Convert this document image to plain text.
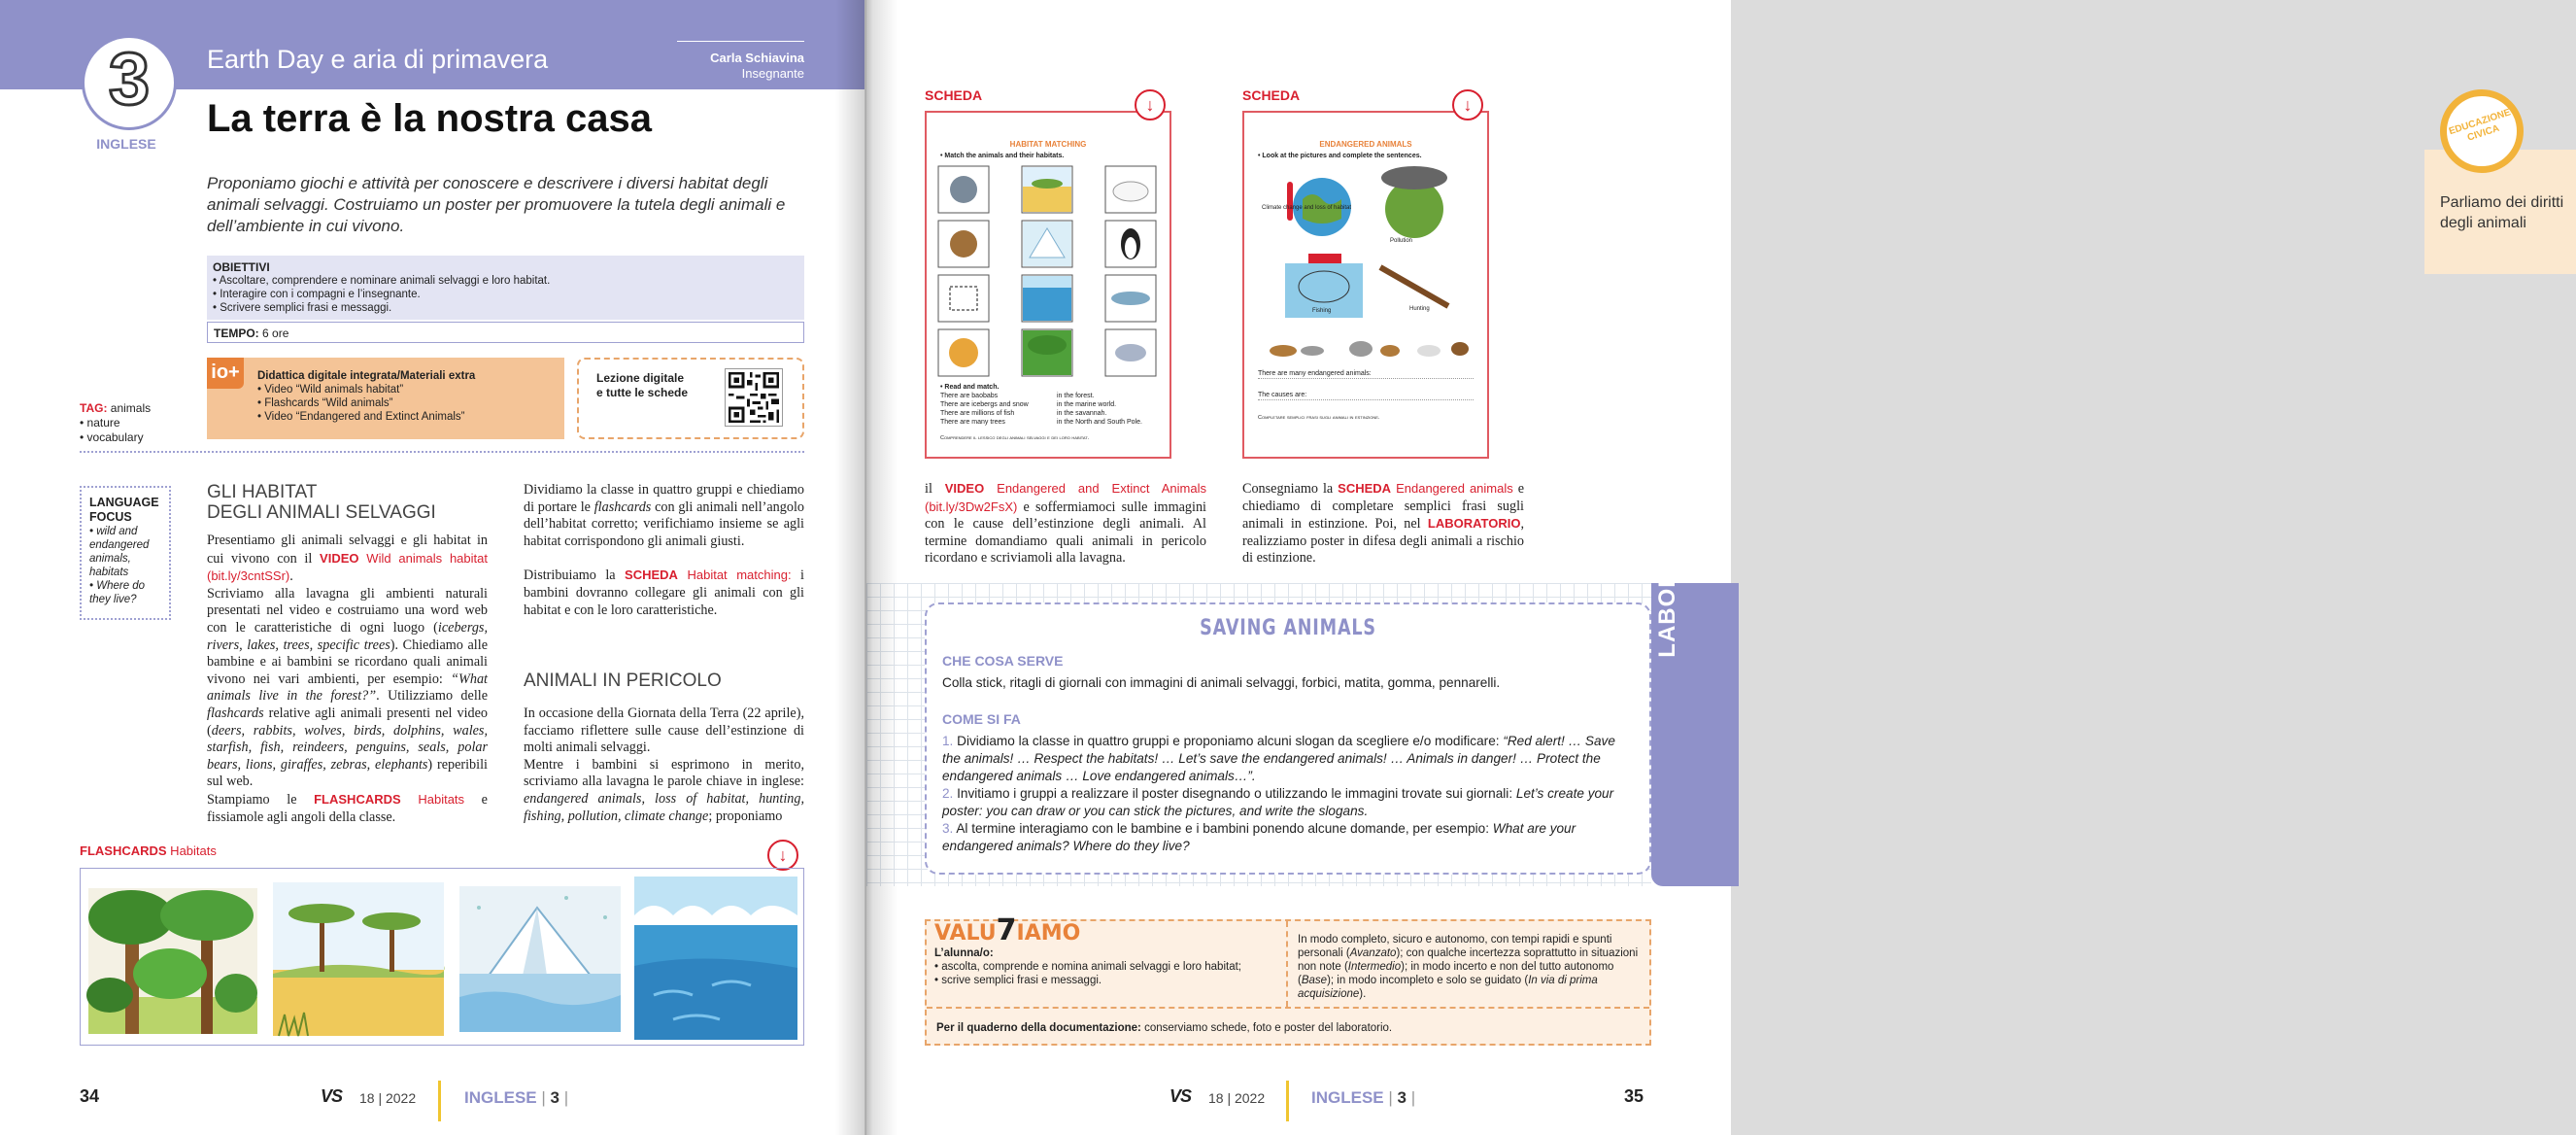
3
INGLESE
Earth Day e aria di primavera	Carla Schiavina
Insegnante
La terra è la nostra casa
Proponiamo giochi e attività per conoscere e descrivere i diversi habitat degli animali selvaggi. Costruiamo un poster per promuovere la tutela degli animali e dell’ambiente in cui vivono.
OBIETTIVI
• Ascoltare, comprendere e nominare animali selvaggi e loro habitat.
• Interagire con i compagni e l’insegnante.
• Scrivere semplici frasi e messaggi.
TEMPO: 6 ore
io+	Didattica digitale integrata/Materiali extra
• Video “Wild animals habitat”
• Flashcards “Wild animals”
• Video “Endangered and Extinct Animals”
Lezione digitale
e tutte le schede
TAG: animals
• nature
• vocabulary
LANGUAGE FOCUS
• wild and endangered animals, habitats
• Where do they live?
GLI HABITAT
DEGLI ANIMALI SELVAGGI
Presentiamo gli animali selvaggi e gli habitat in cui vivono con il VIDEO Wild animals habitat (bit.ly/3cntSSr).
Scriviamo alla lavagna gli ambienti naturali presentati nel video e costruiamo una word web con le caratteristiche di ogni luogo (icebergs, rivers, lakes, trees, specific trees). Chiediamo alle bambine e ai bambini se ricordano quali animali vivono nei vari ambienti, per esempio: “What animals live in the forest?”. Utilizziamo delle flashcards relative agli animali presenti nel video (deers, rabbits, wolves, birds, dolphins, wales, starfish, fish, reindeers, penguins, seals, polar bears, lions, giraffes, zebras, elephants) reperibili sul web.
Stampiamo le FLASHCARDS Habitats e fissiamole agli angoli della classe.
Dividiamo la classe in quattro gruppi e chiediamo di portare le flashcards con gli animali nell’angolo dell’habitat corretto; verifichiamo insieme se agli habitat corrispondono gli animali giusti.
Distribuiamo la SCHEDA Habitat matching: i bambini dovranno collegare gli animali con gli habitat e con le loro caratteristiche.
ANIMALI IN PERICOLO
In occasione della Giornata della Terra (22 aprile), facciamo riflettere sulle cause dell’estinzione di molti animali selvaggi.
Mentre i bambini si esprimono in merito, scriviamo alla lavagna le parole chiave in inglese: endangered animals, loss of habitat, hunting, fishing, pollution, climate change; proponiamo
FLASHCARDS Habitats	↓
34	VS 18 | 2022	INGLESE | 3 |
SCHEDA	SCHEDA
HABITAT MATCHING
• Match the animals and their habitats.
• Read and match.
There are baobabs	in the forest.
There are icebergs and snow	in the marine world.
There are millions of fish	in the savannah.
There are many trees	in the North and South Pole.
Comprendere il lessico degli animali selvaggi e dei loro habitat.
↓
ENDANGERED ANIMALS
• Look at the pictures and complete the sentences.
Climate change and loss of habitat
Pollution
Fishing	Hunting
There are many endangered animals:
The causes are:
Completare semplici frasi sugli animali in estinzione.
↓
EDUCAZIONE CIVICA
Parliamo dei diritti degli animali
il VIDEO Endangered and Extinct Animals (bit.ly/3Dw2FsX) e soffermiamoci sulle immagini con le cause dell’estinzione degli animali. Al termine domandiamo quali animali in pericolo ricordano e scriviamoli alla lavagna.
Consegniamo la SCHEDA Endangered animals e chiediamo di completare semplici frasi sugli animali in estinzione. Poi, nel LABORATORIO, realizziamo poster in difesa degli animali a rischio di estinzione.	LABORATORIO
SAVING ANIMALS
CHE COSA SERVE
Colla stick, ritagli di giornali con immagini di animali selvaggi, forbici, matita, gomma, pennarelli.
COME SI FA
1. Dividiamo la classe in quattro gruppi e proponiamo alcuni slogan da scegliere e/o modificare: “Red alert! … Save the animals! … Respect the habitats! … Let’s save the endangered animals! … Animals in danger! … Protect the endangered animals … Love endangered animals…”.
2. Invitiamo i gruppi a realizzare il poster disegnando o utilizzando le immagini trovate sui giornali: Let’s create your poster: you can draw or you can stick the pictures, and write the slogans.
3. Al termine interagiamo con le bambine e i bambini ponendo alcune domande, per esempio: What are your endangered animals? Where do they live?
VALU7IAMO
L’alunna/o:
• ascolta, comprende e nomina animali selvaggi e loro habitat;
• scrive semplici frasi e messaggi.
In modo completo, sicuro e autonomo, con tempi rapidi e spunti personali (Avanzato); con qualche incertezza soprattutto in situazioni non note (Intermedio); in modo incerto e non del tutto autonomo (Base); in modo incompleto e solo se guidato (In via di prima acquisizione).
Per il quaderno della documentazione: conserviamo schede, foto e poster del laboratorio.
VS 18 | 2022	INGLESE | 3 |	35
